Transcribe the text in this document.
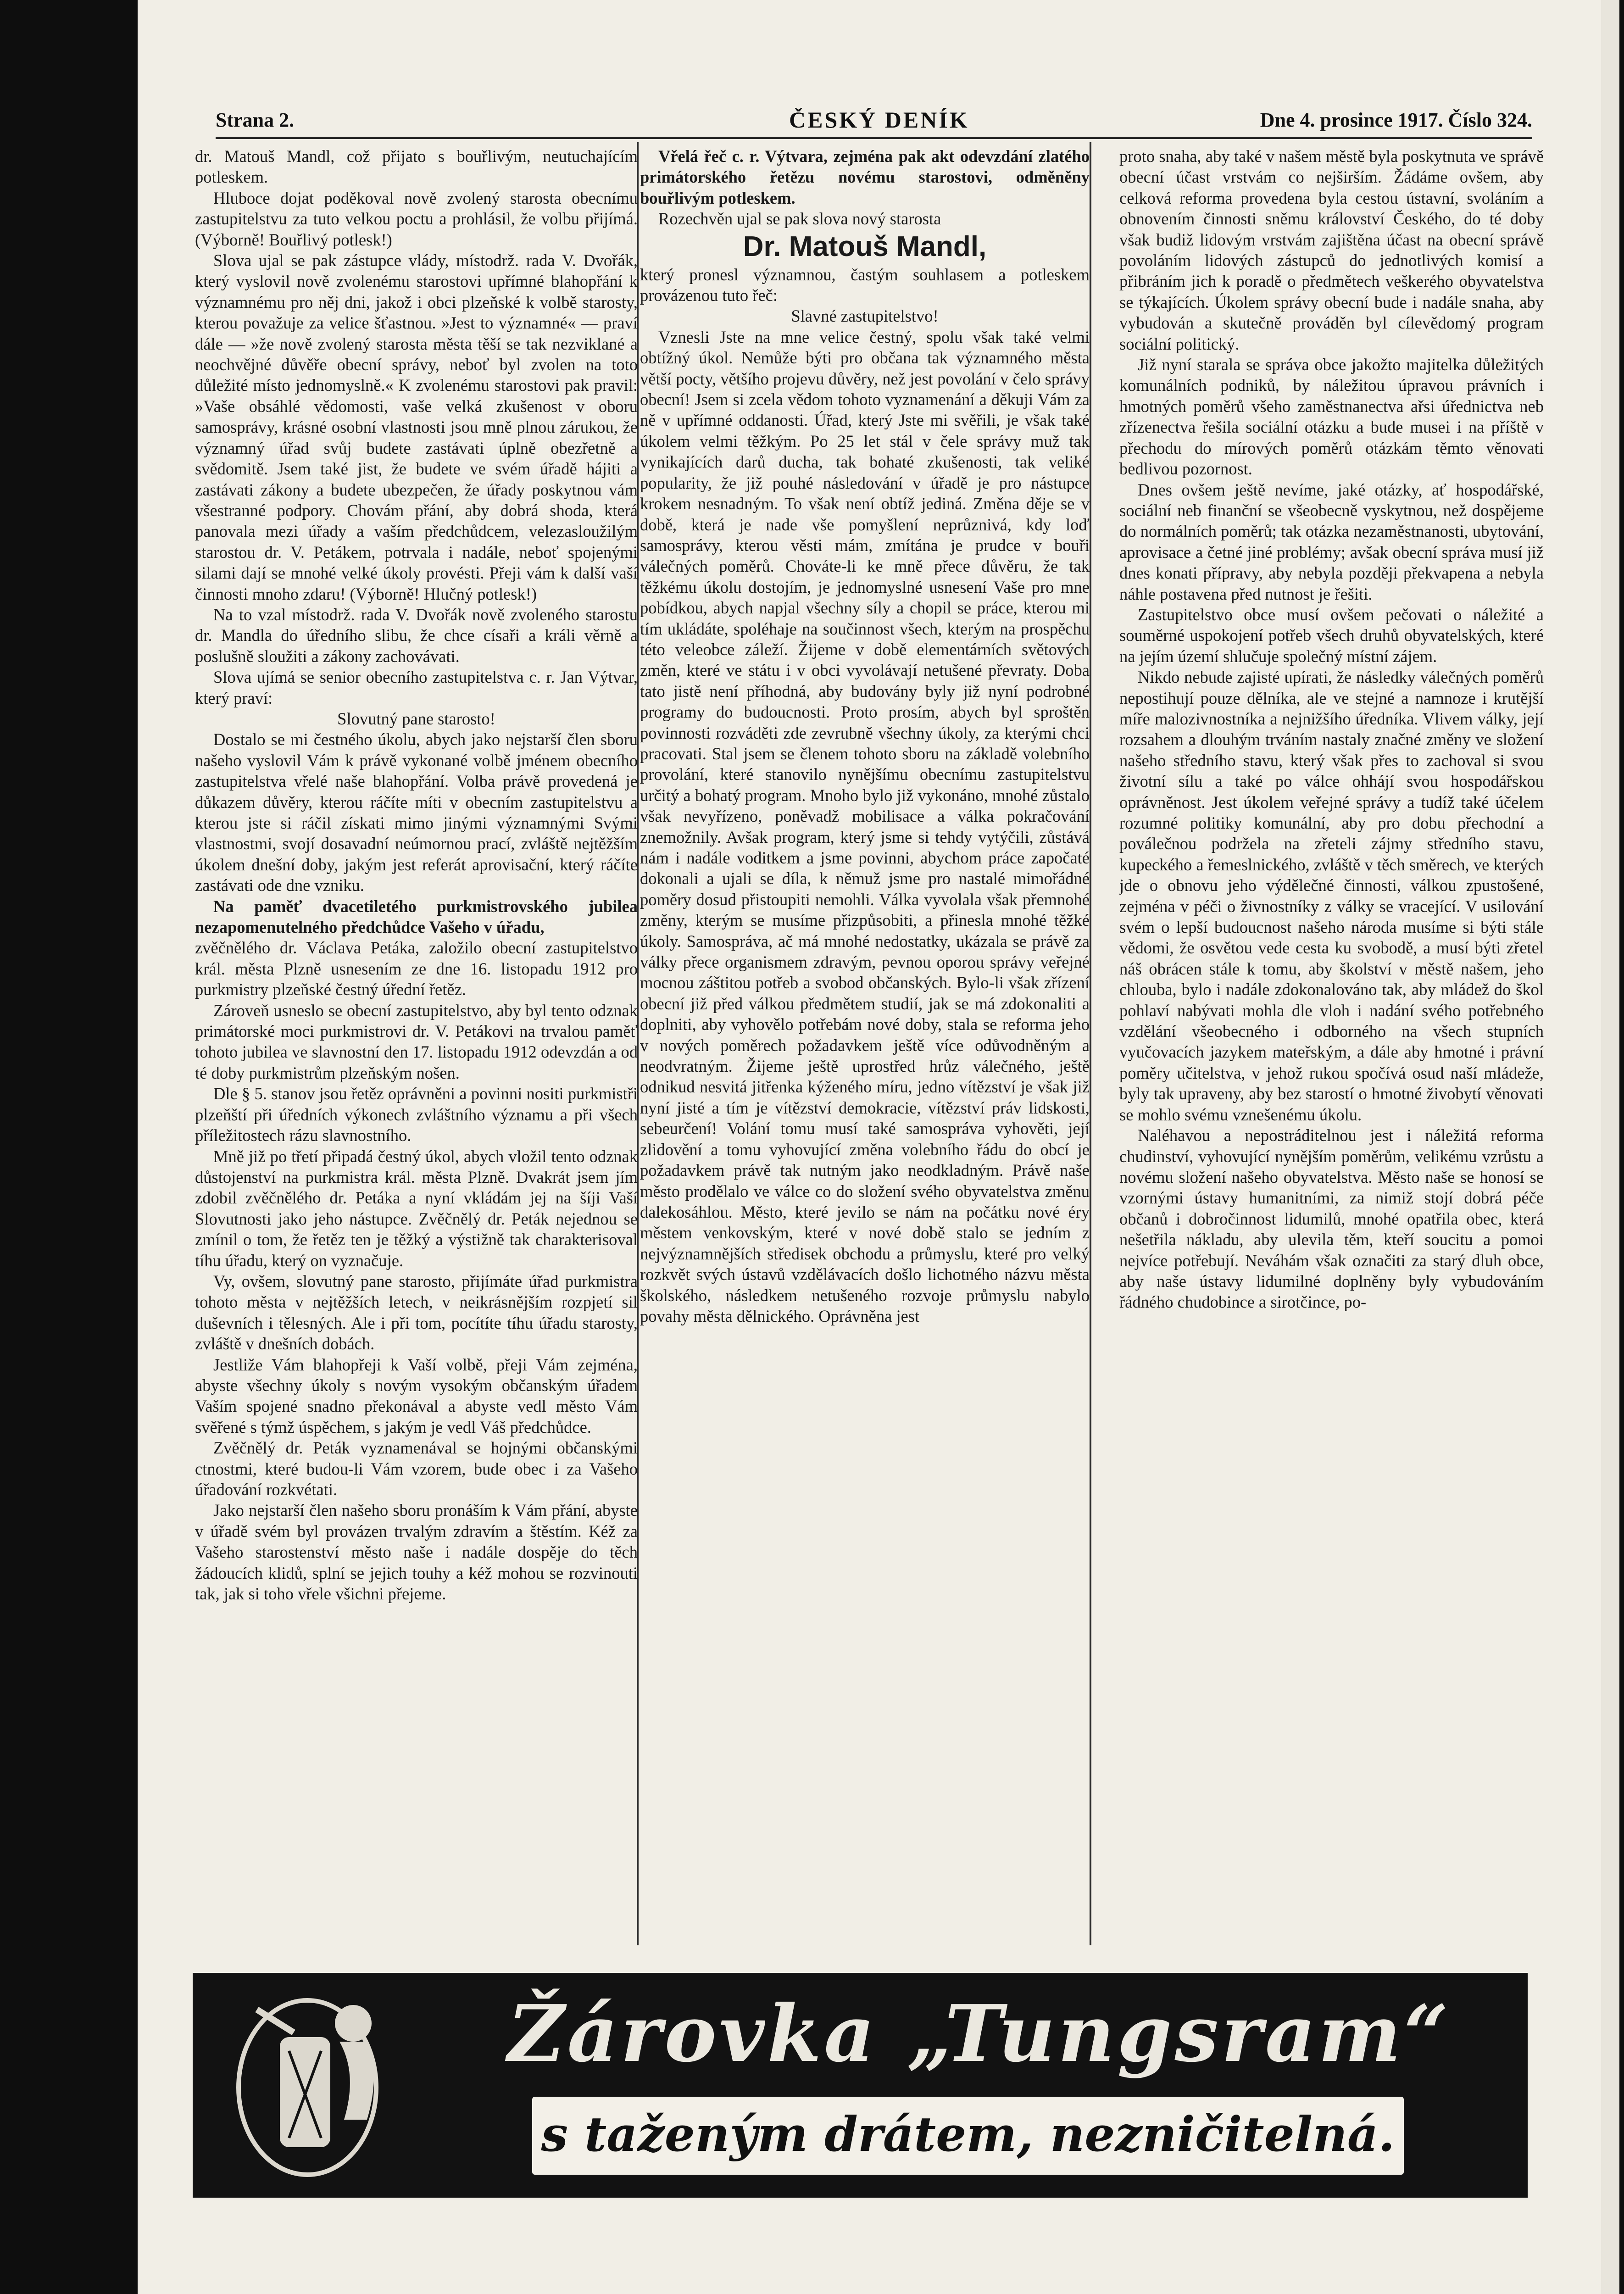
Strana 2.	ČESKÝ DENÍK	Dne 4. prosince 1917. Číslo 324.

dr. Matouš Mandl, což přijato s bouřlivým, neutuchajícím potleskem.

Hluboce dojat poděkoval nově zvolený starosta obecnímu zastupitelstvu za tuto velkou poctu a prohlásil, že volbu přijímá. (Výborně! Bouřlivý potlesk!)

Slova ujal se pak zástupce vlády, místodrž. rada V. Dvořák, který vyslovil nově zvolenému starostovi upřímné blahopřání k významnému pro něj dni, jakož i obci plzeňské k volbě starosty, kterou považuje za velice šťastnou. »Jest to významné« — praví dále — »že nově zvolený starosta města těší se tak nezviklané a neochvějné důvěře obecní správy, neboť byl zvolen na toto důležité místo jednomyslně.« K zvolenému starostovi pak pravil: »Vaše obsáhlé vědomosti, vaše velká zkušenost v oboru samosprávy, krásné osobní vlastnosti jsou mně plnou zárukou, že významný úřad svůj budete zastávati úplně obezřetně a svědomitě. Jsem také jist, že budete ve svém úřadě hájiti a zastávati zákony a budete ubezpečen, že úřady poskytnou vám všestranné podpory. Chovám přání, aby dobrá shoda, která panovala mezi úřady a vaším předchůdcem, velezasloužilým starostou dr. V. Petákem, potrvala i nadále, neboť spojenými silami dají se mnohé velké úkoly provésti. Přeji vám k další vaší činnosti mnoho zdaru! (Výborně! Hlučný potlesk!)

Na to vzal místodrž. rada V. Dvořák nově zvoleného starostu dr. Mandla do úředního slibu, že chce císaři a králi věrně a poslušně sloužiti a zákony zachovávati.

Slova ujímá se senior obecního zastupitelstva c. r. Jan Výtvar, který praví:

Slovutný pane starosto!

Dostalo se mi čestného úkolu, abych jako nejstarší člen sboru našeho vyslovil Vám k právě vykonané volbě jménem obecního zastupitelstva vřelé naše blahopřání. Volba právě provedená je důkazem důvěry, kterou ráčíte míti v obecním zastupitelstvu a kterou jste si ráčil získati mimo jinými významnými Svými vlastnostmi, svojí dosavadní neúmornou prací, zvláště nejtěžším úkolem dnešní doby, jakým jest referát aprovisační, který ráčíte zastávati ode dne vzniku.

Na paměť dvacetiletého purkmistrovského jubilea nezapomenutelného předchůdce Vašeho v úřadu,

zvěčnělého dr. Václava Petáka, založilo obecní zastupitelstvo král. města Plzně usnesením ze dne 16. listopadu 1912 pro purkmistry plzeňské čestný úřední řetěz.

Zároveň usneslo se obecní zastupitelstvo, aby byl tento odznak primátorské moci purkmistrovi dr. V. Petákovi na trvalou paměť tohoto jubilea ve slavnostní den 17. listopadu 1912 odevzdán a od té doby purkmistrům plzeňským nošen.

Dle § 5. stanov jsou řetěz oprávněni a povinni nositi purkmistři plzeňští při úředních výkonech zvláštního významu a při všech příležitostech rázu slavnostního.

Mně již po třetí připadá čestný úkol, abych vložil tento odznak důstojenství na purkmistra král. města Plzně. Dvakrát jsem jím zdobil zvěčnělého dr. Petáka a nyní vkládám jej na šíji Vaší Slovutnosti jako jeho nástupce. Zvěčnělý dr. Peták nejednou se zmínil o tom, že řetěz ten je těžký a výstižně tak charakterisoval tíhu úřadu, který on vyznačuje.

Vy, ovšem, slovutný pane starosto, přijímáte úřad purkmistra tohoto města v nejtěžších letech, v neikrásnějším rozpjetí sil duševních i tělesných. Ale i při tom, pocítíte tíhu úřadu starosty, zvláště v dnešních dobách.

Jestliže Vám blahopřeji k Vaší volbě, přeji Vám zejména, abyste všechny úkoly s novým vysokým občanským úřadem Vaším spojené snadno překonával a abyste vedl město Vám svěřené s týmž úspěchem, s jakým je vedl Váš předchůdce.

Zvěčnělý dr. Peták vyznamenával se hojnými občanskými ctnostmi, které budou-li Vám vzorem, bude obec i za Vašeho úřadování rozkvétati.

Jako nejstarší člen našeho sboru pronáším k Vám přání, abyste v úřadě svém byl provázen trvalým zdravím a štěstím. Kéž za Vašeho starostenství město naše i nadále dospěje do těch žádoucích klidů, splní se jejich touhy a kéž mohou se rozvinouti tak, jak si toho vřele všichni přejeme.

Vřelá řeč c. r. Výtvara, zejména pak akt odevzdání zlatého primátorského řetězu novému starostovi, odměněny bouřlivým potleskem.

Rozechvěn ujal se pak slova nový starosta

Dr. Matouš Mandl,

který pronesl významnou, častým souhlasem a potleskem provázenou tuto řeč:

Slavné zastupitelstvo!

Vznesli Jste na mne velice čestný, spolu však také velmi obtížný úkol. Nemůže býti pro občana tak významného města větší pocty, většího projevu důvěry, než jest povolání v čelo správy obecní! Jsem si zcela vědom tohoto vyznamenání a děkuji Vám za ně v upřímné oddanosti. Úřad, který Jste mi svěřili, je však také úkolem velmi těžkým. Po 25 let stál v čele správy muž tak vynikajících darů ducha, tak bohaté zkušenosti, tak veliké popularity, že již pouhé následování v úřadě je pro nástupce krokem nesnadným. To však není obtíž jediná. Změna děje se v době, která je nade vše pomyšlení neprůznivá, kdy loď samosprávy, kterou věsti mám, zmítána je prudce v bouři válečných poměrů. Chováte-li ke mně přece důvěru, že tak těžkému úkolu dostojím, je jednomyslné usnesení Vaše pro mne pobídkou, abych napjal všechny síly a chopil se práce, kterou mi tím ukládáte, spoléhaje na součinnost všech, kterým na prospěchu této veleobce záleží. Žijeme v době elementárních světových změn, které ve státu i v obci vyvolávají netušené převraty. Doba tato jistě není příhodná, aby budovány byly již nyní podrobné programy do budoucnosti. Proto prosím, abych byl sproštěn povinnosti rozváděti zde zevrubně všechny úkoly, za kterými chci pracovati. Stal jsem se členem tohoto sboru na základě volebního provolání, které stanovilo nynějšímu obecnímu zastupitelstvu určitý a bohatý program. Mnoho bylo již vykonáno, mnohé zůstalo však nevyřízeno, poněvadž mobilisace a válka pokračování znemožnily. Avšak program, který jsme si tehdy vytýčili, zůstává nám i nadále voditkem a jsme povinni, abychom práce započaté dokonali a ujali se díla, k němuž jsme pro nastalé mimořádné poměry dosud přistoupiti nemohli. Válka vyvolala však přemnohé změny, kterým se musíme přizpůsobiti, a přinesla mnohé těžké úkoly. Samospráva, ač má mnohé nedostatky, ukázala se právě za války přece organismem zdravým, pevnou oporou správy veřejné mocnou záštitou potřeb a svobod občanských. Bylo-li však zřízení obecní již před válkou předmětem studií, jak se má zdokonaliti a doplniti, aby vyhovělo potřebám nové doby, stala se reforma jeho v nových poměrech požadavkem ještě více odůvodněným a neodvratným. Žijeme ještě uprostřed hrůz válečného, ještě odnikud nesvitá jitřenka kýženého míru, jedno vítězství je však již nyní jisté a tím je vítězství demokracie, vítězství práv lidskosti, sebeurčení! Volání tomu musí také samospráva vyhověti, její zlidovění a tomu vyhovující změna volebního řádu do obcí je požadavkem právě tak nutným jako neodkladným. Právě naše město prodělalo ve válce co do složení svého obyvatelstva změnu dalekosáhlou. Město, které jevilo se nám na počátku nové éry městem venkovským, které v nové době stalo se jedním z nejvýznamnějších středisek obchodu a průmyslu, které pro velký rozkvět svých ústavů vzdělávacích došlo lichotného názvu města školského, následkem netušeného rozvoje průmyslu nabylo povahy města dělnického. Oprávněna jest

proto snaha, aby také v našem městě byla poskytnuta ve správě obecní účast vrstvám co nejširším. Žádáme ovšem, aby celková reforma provedena byla cestou ústavní, svoláním a obnovením činnosti sněmu království Českého, do té doby však budiž lidovým vrstvám zajištěna účast na obecní správě povoláním lidových zástupců do jednotlivých komisí a přibráním jich k poradě o předmětech veškerého obyvatelstva se týkajících. Úkolem správy obecní bude i nadále snaha, aby vybudován a skutečně prováděn byl cílevědomý program sociální politický.

Již nyní starala se správa obce jakožto majitelka důležitých komunálních podniků, by náležitou úpravou právních i hmotných poměrů všeho zaměstnanectva ařsi úřednictva neb zřízenectva řešila sociální otázku a bude musei i na příště v přechodu do mírových poměrů otázkám těmto věnovati bedlivou pozornost.

Dnes ovšem ještě nevíme, jaké otázky, ať hospodářské, sociální neb finanční se všeobecně vyskytnou, než dospějeme do normálních poměrů; tak otázka nezaměstnanosti, ubytování, aprovisace a četné jiné problémy; avšak obecní správa musí již dnes konati přípravy, aby nebyla později překvapena a nebyla náhle postavena před nutnost je řešiti.

Zastupitelstvo obce musí ovšem pečovati o náležité a souměrné uspokojení potřeb všech druhů obyvatelských, které na jejím území shlučuje společný místní zájem.

Nikdo nebude zajisté upírati, že následky válečných poměrů nepostihují pouze dělníka, ale ve stejné a namnoze i krutější míře malozivnostníka a nejnižšího úředníka. Vlivem války, její rozsahem a dlouhým trváním nastaly značné změny ve složení našeho středního stavu, který však přes to zachoval si svou životní sílu a také po válce ohhájí svou hospodářskou oprávněnost. Jest úkolem veřejné správy a tudíž také účelem rozumné politiky komunální, aby pro dobu přechodní a poválečnou podržela na zřeteli zájmy středního stavu, kupeckého a řemeslnického, zvláště v těch směrech, ve kterých jde o obnovu jeho výdělečné činnosti, válkou zpustošené, zejména v péči o živnostníky z války se vracející. V usilování svém o lepší budoucnost našeho národa musíme si býti stále vědomi, že osvětou vede cesta ku svobodě, a musí býti zřetel náš obrácen stále k tomu, aby školství v městě našem, jeho chlouba, bylo i nadále zdokonalováno tak, aby mládež do škol pohlaví nabývati mohla dle vloh i nadání svého potřebného vzdělání všeobecného i odborného na všech stupních vyučovacích jazykem mateřským, a dále aby hmotné i právní poměry učitelstva, v jehož rukou spočívá osud naší mládeže, byly tak upraveny, aby bez starostí o hmotné živobytí věnovati se mohlo svému vznešenému úkolu.

Naléhavou a nepostráditelnou jest i náležitá reforma chudinství, vyhovující nynějším poměrům, velikému vzrůstu a novému složení našeho obyvatelstva. Město naše se honosí se vzornými ústavy humanitními, za nimiž stojí dobrá péče občanů i dobročinnost lidumilů, mnohé opatřila obec, která nešetřila nákladu, aby ulevila těm, kteří soucitu a pomoi nejvíce potřebují. Neváhám však označiti za starý dluh obce, aby naše ústavy lidumilné doplněny byly vybudováním řádného chudobince a sirotčince, po-

Žárovka „Tungsram“
s taženým drátem, nezničitelná.
